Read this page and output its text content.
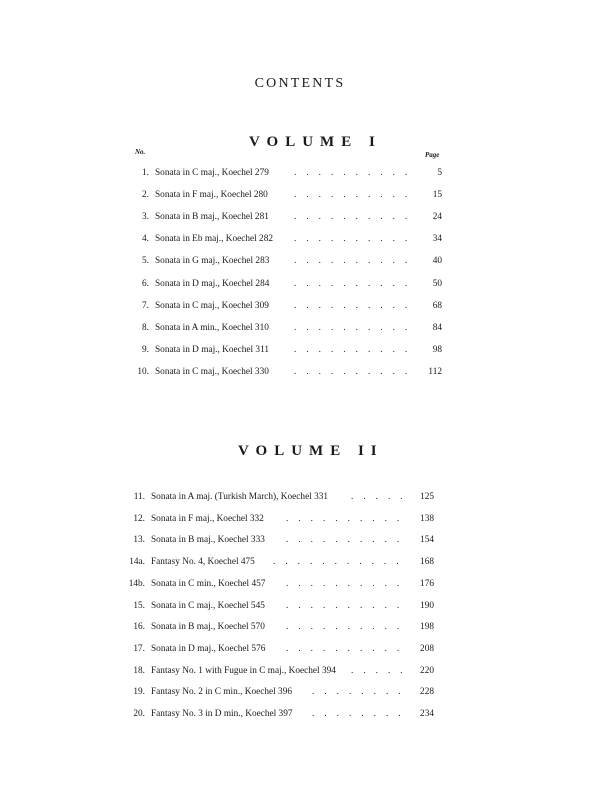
CONTENTS
VOLUME I
No.	Page
1. Sonata in C maj., Koechel 279	5
..........
2. Sonata in F maj., Koechel 280	15
..........
3. Sonata in B maj., Koechel 281	24
..........
4. Sonata in Eb maj., Koechel 282	34
..........
5. Sonata in G maj., Koechel 283	40
..........
6. Sonata in D maj., Koechel 284	50
..........
7. Sonata in C maj., Koechel 309	68
..........
8. Sonata in A min., Koechel 310	84
..........
9. Sonata in D maj., Koechel 311	98
..........
10. Sonata in C maj., Koechel 330	112
..........
VOLUME II
11. Sonata in A maj. (Turkish March), Koechel 331	125
.....
12. Sonata in F maj., Koechel 332	138
..........
13. Sonata in B maj., Koechel 333	154
..........
14a. Fantasy No. 4, Koechel 475	168
...........
14b. Sonata in C min., Koechel 457	176
..........
15. Sonata in C maj., Koechel 545	190
..........
16. Sonata in B maj., Koechel 570	198
..........
17. Sonata in D maj., Koechel 576	208
..........
18. Fantasy No. 1 with Fugue in C maj., Koechel 394	220
.....
19. Fantasy No. 2 in C min., Koechel 396	228
........
20. Fantasy No. 3 in D min., Koechel 397	234
........
